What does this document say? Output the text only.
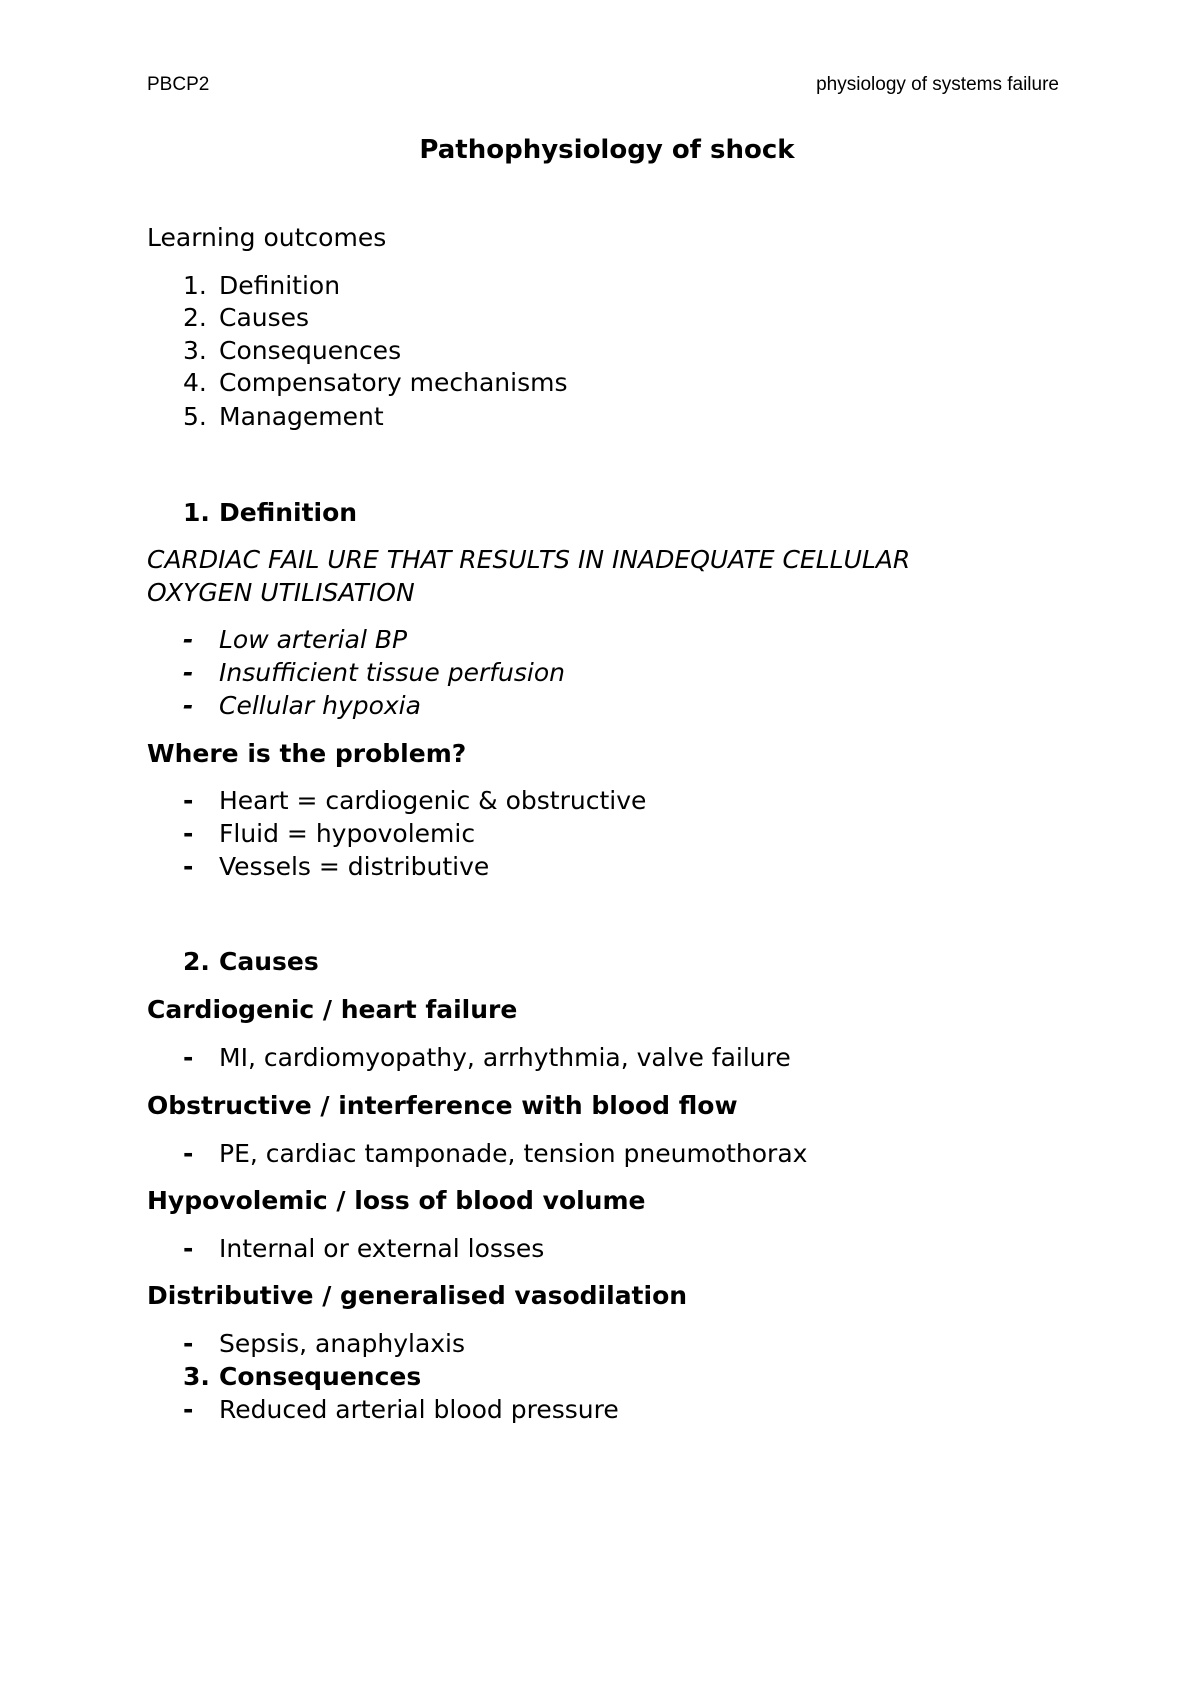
PBCP2	physiology of systems failure
Pathophysiology of shock
Learning outcomes
1. Definition
2. Causes
3. Consequences
4. Compensatory mechanisms
5. Management
1. Definition
CARDIAC FAIL URE THAT RESULTS IN INADEQUATE CELLULAR
OXYGEN UTILISATION
- Low arterial BP
- Insufficient tissue perfusion
- Cellular hypoxia
Where is the problem?
- Heart = cardiogenic & obstructive
- Fluid = hypovolemic
- Vessels = distributive
2. Causes
Cardiogenic / heart failure
- MI, cardiomyopathy, arrhythmia, valve failure
Obstructive / interference with blood flow
- PE, cardiac tamponade, tension pneumothorax
Hypovolemic / loss of blood volume
- Internal or external losses
Distributive / generalised vasodilation
- Sepsis, anaphylaxis
3. Consequences
- Reduced arterial blood pressure
